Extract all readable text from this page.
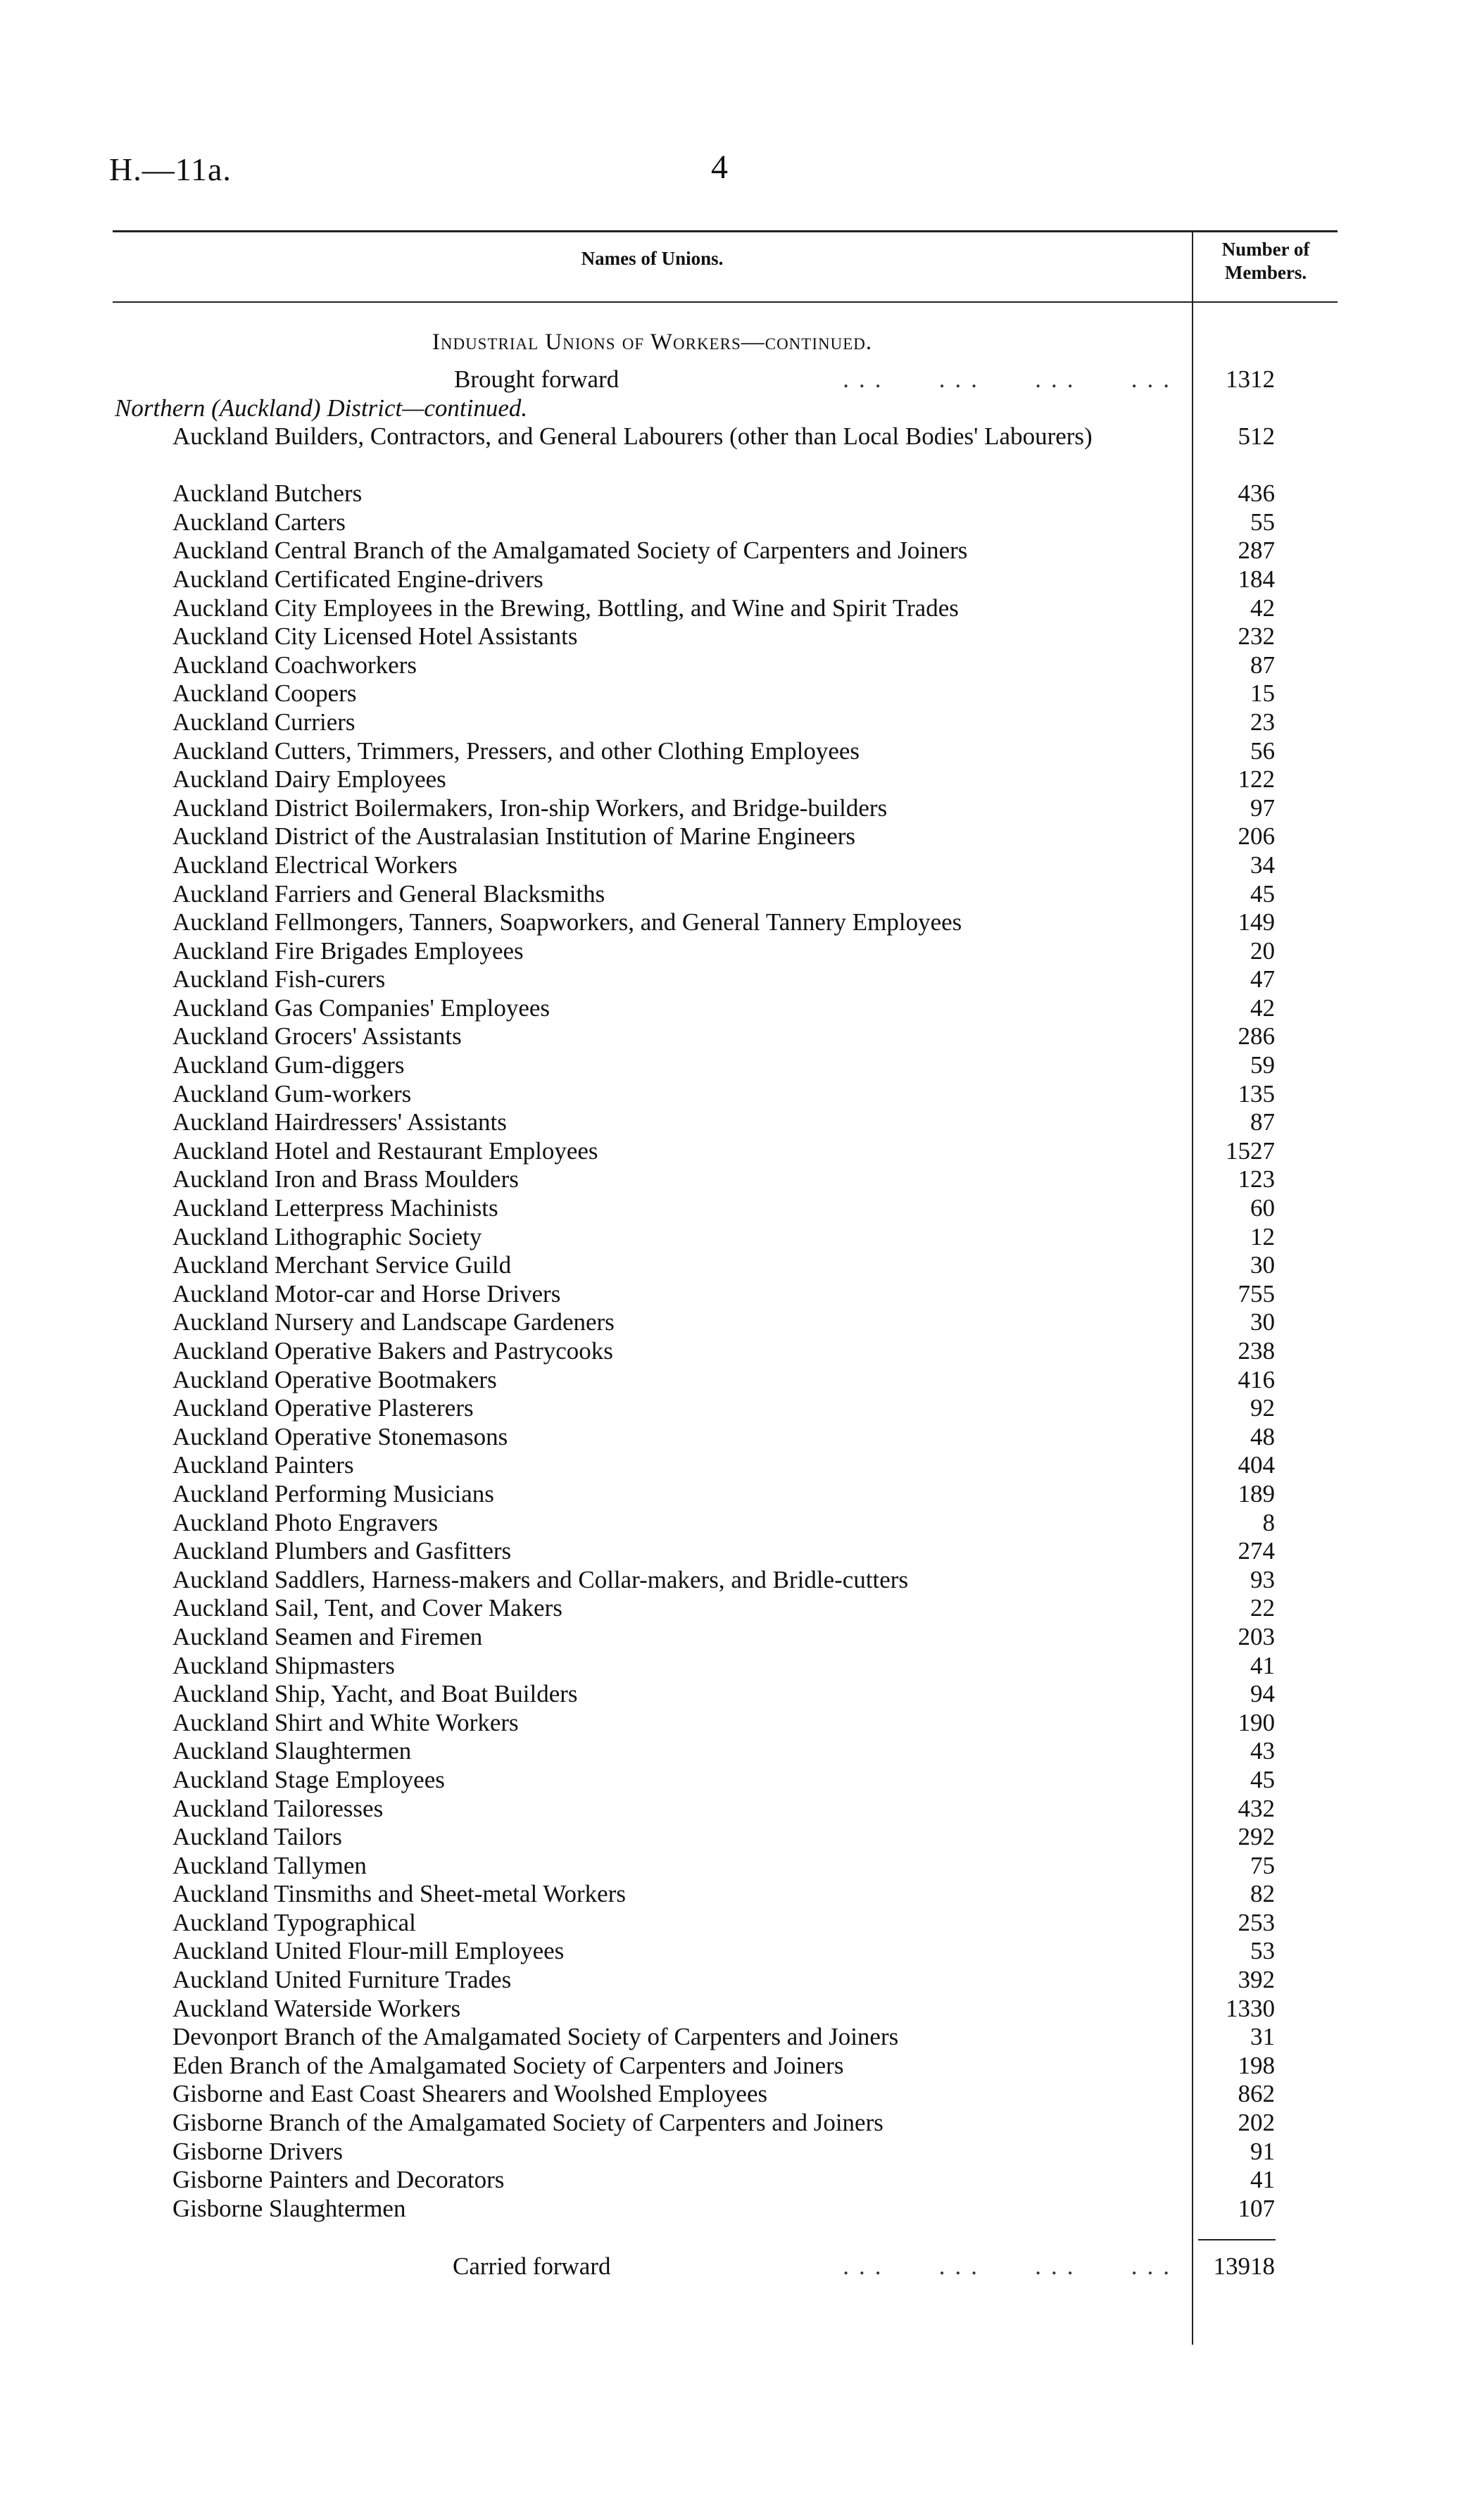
H.—11a.	4
Names of Unions.	Number of Members.
Industrial Unions of Workers—continued.
Brought forward	...   ...   ...   ...	1312
Northern (Auckland) District—continued.
Auckland Builders, Contractors, and General Labourers (other than Local Bodies' Labourers)	512
Auckland Butchers	436
Auckland Carters	55
Auckland Central Branch of the Amalgamated Society of Carpenters and Joiners	287
Auckland Certificated Engine-drivers	184
Auckland City Employees in the Brewing, Bottling, and Wine and Spirit Trades	42
Auckland City Licensed Hotel Assistants	232
Auckland Coachworkers	87
Auckland Coopers	15
Auckland Curriers	23
Auckland Cutters, Trimmers, Pressers, and other Clothing Employees	56
Auckland Dairy Employees	122
Auckland District Boilermakers, Iron-ship Workers, and Bridge-builders	97
Auckland District of the Australasian Institution of Marine Engineers	206
Auckland Electrical Workers	34
Auckland Farriers and General Blacksmiths	45
Auckland Fellmongers, Tanners, Soapworkers, and General Tannery Employees	149
Auckland Fire Brigades Employees	20
Auckland Fish-curers	47
Auckland Gas Companies' Employees	42
Auckland Grocers' Assistants	286
Auckland Gum-diggers	59
Auckland Gum-workers	135
Auckland Hairdressers' Assistants	87
Auckland Hotel and Restaurant Employees	1527
Auckland Iron and Brass Moulders	123
Auckland Letterpress Machinists	60
Auckland Lithographic Society	12
Auckland Merchant Service Guild	30
Auckland Motor-car and Horse Drivers	755
Auckland Nursery and Landscape Gardeners	30
Auckland Operative Bakers and Pastrycooks	238
Auckland Operative Bootmakers	416
Auckland Operative Plasterers	92
Auckland Operative Stonemasons	48
Auckland Painters	404
Auckland Performing Musicians	189
Auckland Photo Engravers	8
Auckland Plumbers and Gasfitters	274
Auckland Saddlers, Harness-makers and Collar-makers, and Bridle-cutters	93
Auckland Sail, Tent, and Cover Makers	22
Auckland Seamen and Firemen	203
Auckland Shipmasters	41
Auckland Ship, Yacht, and Boat Builders	94
Auckland Shirt and White Workers	190
Auckland Slaughtermen	43
Auckland Stage Employees	45
Auckland Tailoresses	432
Auckland Tailors	292
Auckland Tallymen	75
Auckland Tinsmiths and Sheet-metal Workers	82
Auckland Typographical	253
Auckland United Flour-mill Employees	53
Auckland United Furniture Trades	392
Auckland Waterside Workers	1330
Devonport Branch of the Amalgamated Society of Carpenters and Joiners	31
Eden Branch of the Amalgamated Society of Carpenters and Joiners	198
Gisborne and East Coast Shearers and Woolshed Employees	862
Gisborne Branch of the Amalgamated Society of Carpenters and Joiners	202
Gisborne Drivers	91
Gisborne Painters and Decorators	41
Gisborne Slaughtermen	107
Carried forward	...   ...   ...   ...	13918
